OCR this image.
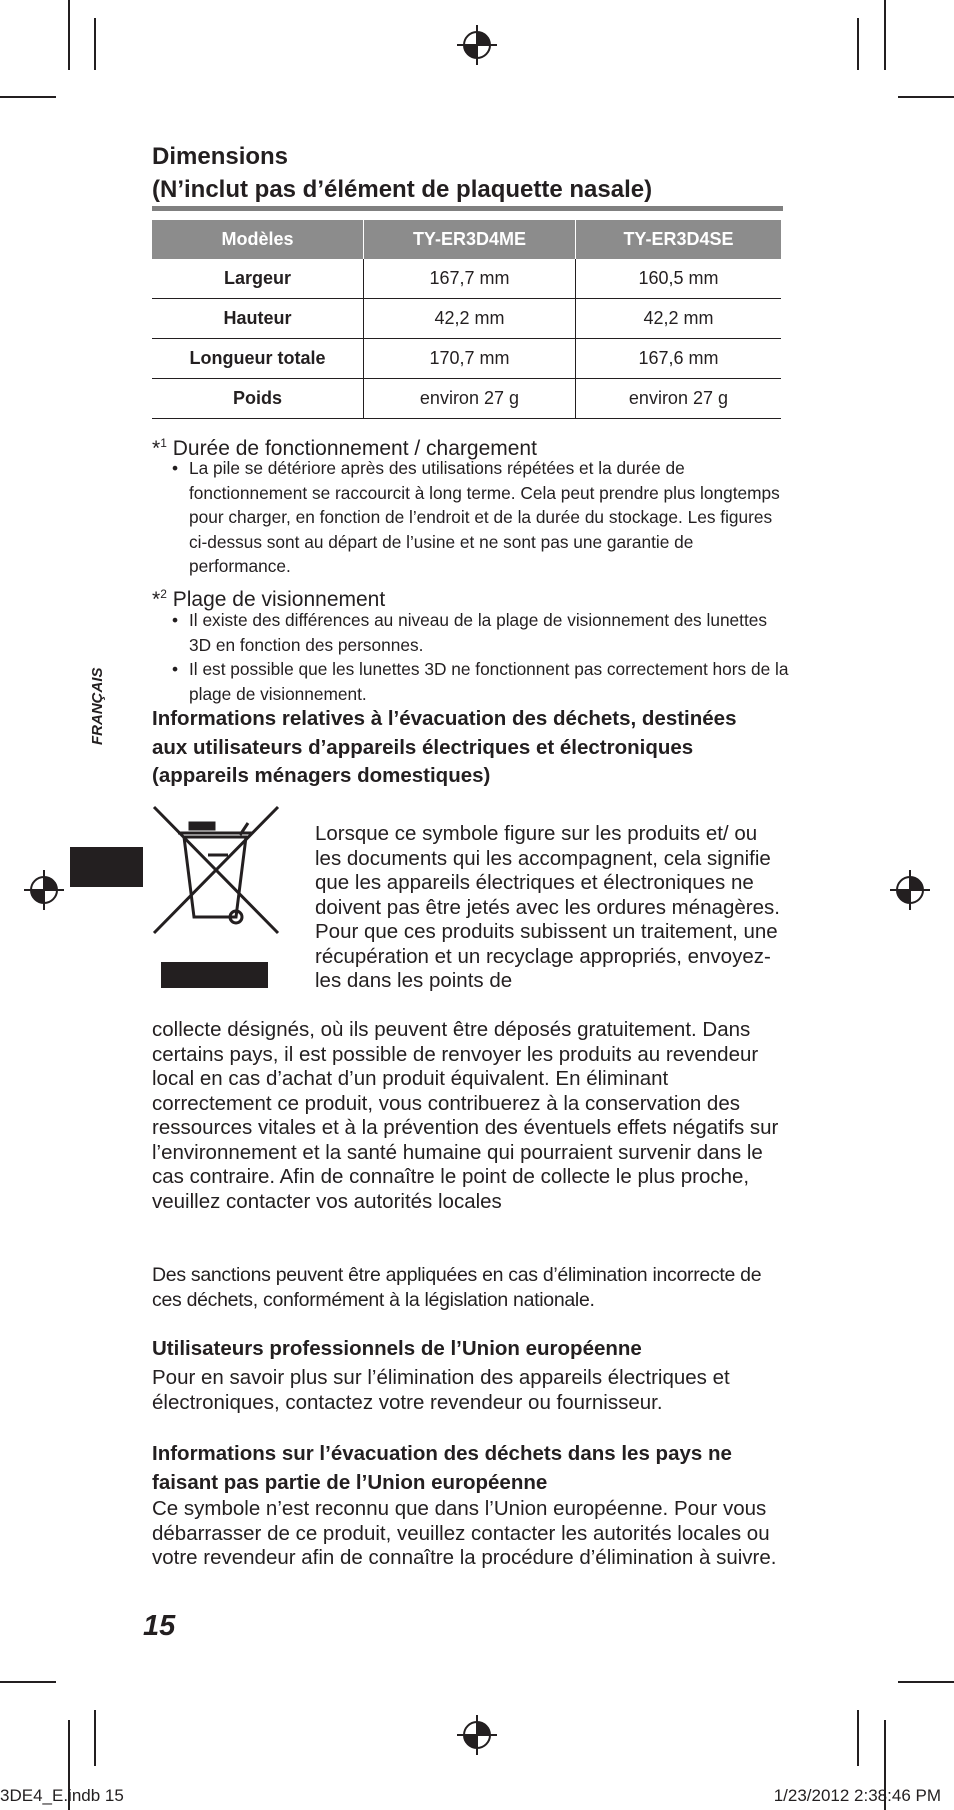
Dimensions
(N’inclut pas d’élément de plaquette nasale)
Modèles	TY-ER3D4ME	TY-ER3D4SE
Largeur	167,7 mm	160,5 mm
Hauteur	42,2 mm	42,2 mm
Longueur totale	170,7 mm	167,6 mm
Poids	environ 27 g	environ 27 g
*$^1$ Durée de fonctionnement / chargement
• La pile se détériore après des utilisations répétées et la durée de fonctionnement se raccourcit à long terme. Cela peut prendre plus longtemps pour charger, en fonction de l’endroit et de la durée du stockage. Les figures ci-dessus sont au départ de l’usine et ne sont pas une garantie de performance.
*$^2$ Plage de visionnement
• Il existe des différences au niveau de la plage de visionnement des lunettes 3D en fonction des personnes.
• Il est possible que les lunettes 3D ne fonctionnent pas correctement hors de la plage de visionnement.
FRANÇAIS Informations relatives à l’évacuation des déchets, destinées aux utilisateurs d’appareils électriques et électroniques (appareils ménagers domestiques)
Lorsque ce symbole figure sur les produits et/ ou les documents qui les accompagnent, cela signifie que les appareils électriques et électroniques ne doivent pas être jetés avec les ordures ménagères. Pour que ces produits subissent un traitement, une récupération et un recyclage appropriés, envoyez-les dans les points de
collecte désignés, où ils peuvent être déposés gratuitement. Dans certains pays, il est possible de renvoyer les produits au revendeur local en cas d’achat d’un produit équivalent. En éliminant correctement ce produit, vous contribuerez à la conservation des ressources vitales et à la prévention des éventuels effets négatifs sur l’environnement et la santé humaine qui pourraient survenir dans le cas contraire. Afin de connaître le point de collecte le plus proche, veuillez contacter vos autorités locales
Des sanctions peuvent être appliquées en cas d’élimination incorrecte de ces déchets, conformément à la législation nationale.
Utilisateurs professionnels de l’Union européenne
Pour en savoir plus sur l’élimination des appareils électriques et électroniques, contactez votre revendeur ou fournisseur.
Informations sur l’évacuation des déchets dans les pays ne faisant pas partie de l’Union européenne
Ce symbole n’est reconnu que dans l’Union européenne. Pour vous débarrasser de ce produit, veuillez contacter les autorités locales ou votre revendeur afin de connaître la procédure d’élimination à suivre.
15
3DE4_E.indb 15	1/23/2012 2:38:46 PM
